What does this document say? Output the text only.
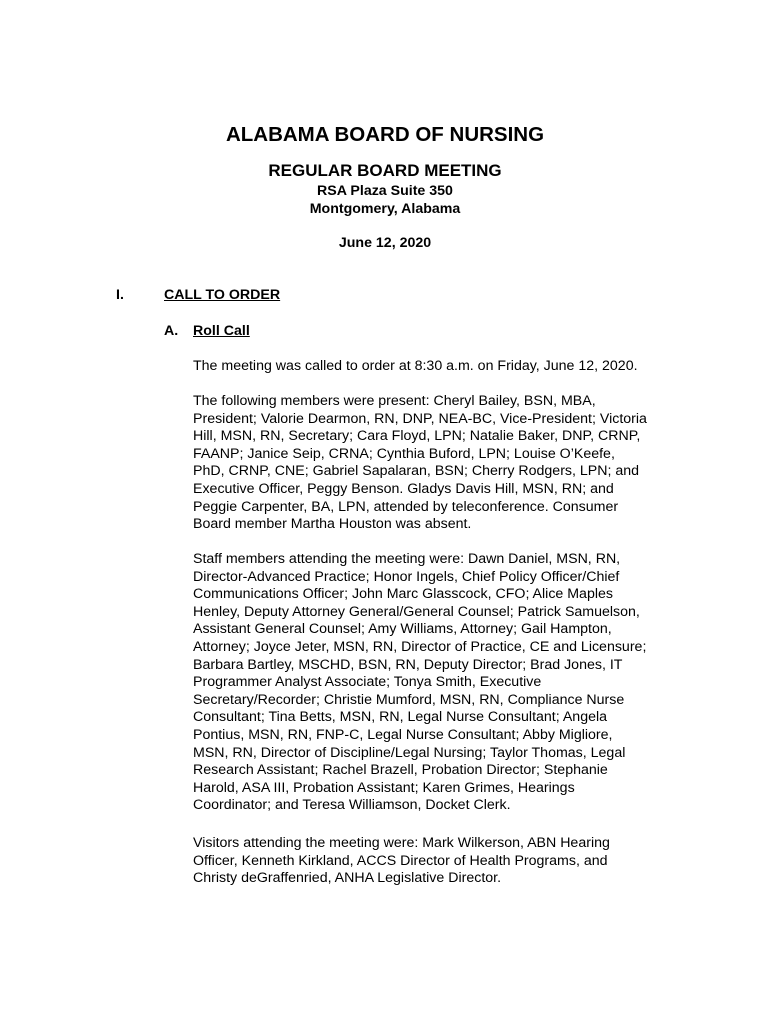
ALABAMA BOARD OF NURSING
REGULAR BOARD MEETING
RSA Plaza Suite 350
Montgomery, Alabama
June 12, 2020
I.	CALL TO ORDER
A. Roll Call
The meeting was called to order at 8:30 a.m. on Friday, June 12, 2020.
The following members were present: Cheryl Bailey, BSN, MBA,
President; Valorie Dearmon, RN, DNP, NEA-BC, Vice-President; Victoria
Hill, MSN, RN, Secretary; Cara Floyd, LPN; Natalie Baker, DNP, CRNP,
FAANP; Janice Seip, CRNA; Cynthia Buford, LPN; Louise O’Keefe,
PhD, CRNP, CNE; Gabriel Sapalaran, BSN; Cherry Rodgers, LPN; and
Executive Officer, Peggy Benson. Gladys Davis Hill, MSN, RN; and
Peggie Carpenter, BA, LPN, attended by teleconference. Consumer
Board member Martha Houston was absent.
Staff members attending the meeting were: Dawn Daniel, MSN, RN,
Director-Advanced Practice; Honor Ingels, Chief Policy Officer/Chief
Communications Officer; John Marc Glasscock, CFO; Alice Maples
Henley, Deputy Attorney General/General Counsel; Patrick Samuelson,
Assistant General Counsel; Amy Williams, Attorney; Gail Hampton,
Attorney; Joyce Jeter, MSN, RN, Director of Practice, CE and Licensure;
Barbara Bartley, MSCHD, BSN, RN, Deputy Director; Brad Jones, IT
Programmer Analyst Associate; Tonya Smith, Executive
Secretary/Recorder; Christie Mumford, MSN, RN, Compliance Nurse
Consultant; Tina Betts, MSN, RN, Legal Nurse Consultant; Angela
Pontius, MSN, RN, FNP-C, Legal Nurse Consultant; Abby Migliore,
MSN, RN, Director of Discipline/Legal Nursing; Taylor Thomas, Legal
Research Assistant; Rachel Brazell, Probation Director; Stephanie
Harold, ASA III, Probation Assistant; Karen Grimes, Hearings
Coordinator; and Teresa Williamson, Docket Clerk.
Visitors attending the meeting were: Mark Wilkerson, ABN Hearing
Officer, Kenneth Kirkland, ACCS Director of Health Programs, and
Christy deGraffenried, ANHA Legislative Director.
